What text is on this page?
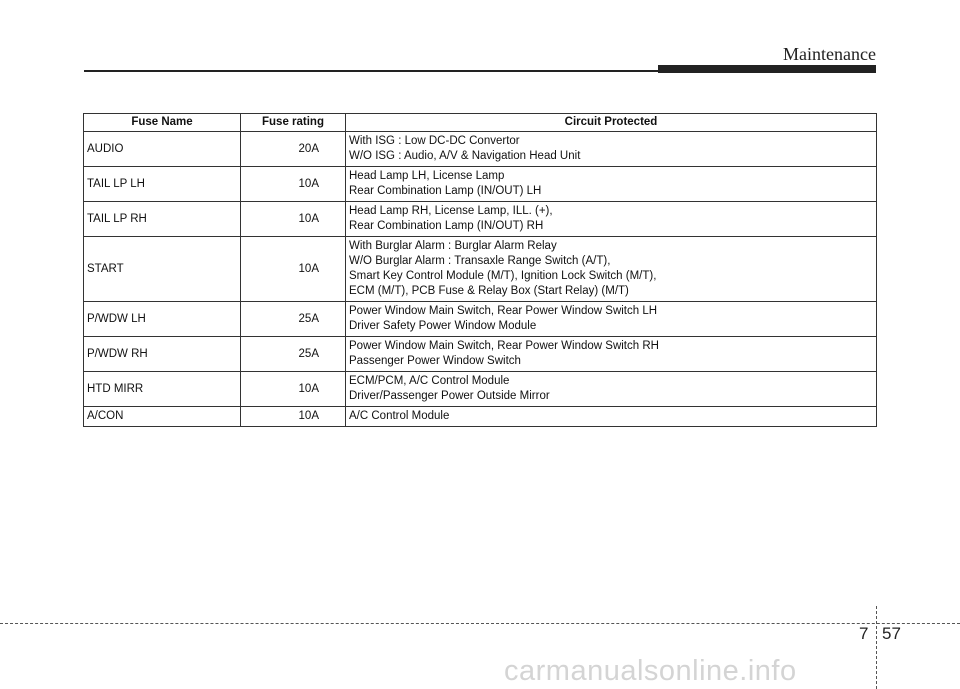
Maintenance
Fuse Name	Fuse rating	Circuit Protected
AUDIO	20A	With ISG : Low DC-DC Convertor
W/O ISG : Audio, A/V & Navigation Head Unit

TAIL LP LH	10A	Head Lamp LH, License Lamp
Rear Combination Lamp (IN/OUT) LH

TAIL LP RH	10A	Head Lamp RH, License Lamp, ILL. (+),
Rear Combination Lamp (IN/OUT) RH

START	10A	With Burglar Alarm : Burglar Alarm Relay
W/O Burglar Alarm : Transaxle Range Switch (A/T),
Smart Key Control Module (M/T), Ignition Lock Switch (M/T),
ECM (M/T), PCB Fuse & Relay Box (Start Relay) (M/T)

P/WDW LH	25A	Power Window Main Switch, Rear Power Window Switch LH
Driver Safety Power Window Module

P/WDW RH	25A	Power Window Main Switch, Rear Power Window Switch RH
Passenger Power Window Switch

HTD MIRR	10A	ECM/PCM, A/C Control Module
Driver/Passenger Power Outside Mirror

A/CON	10A	A/C Control Module
7 57
carmanualsonline.info
